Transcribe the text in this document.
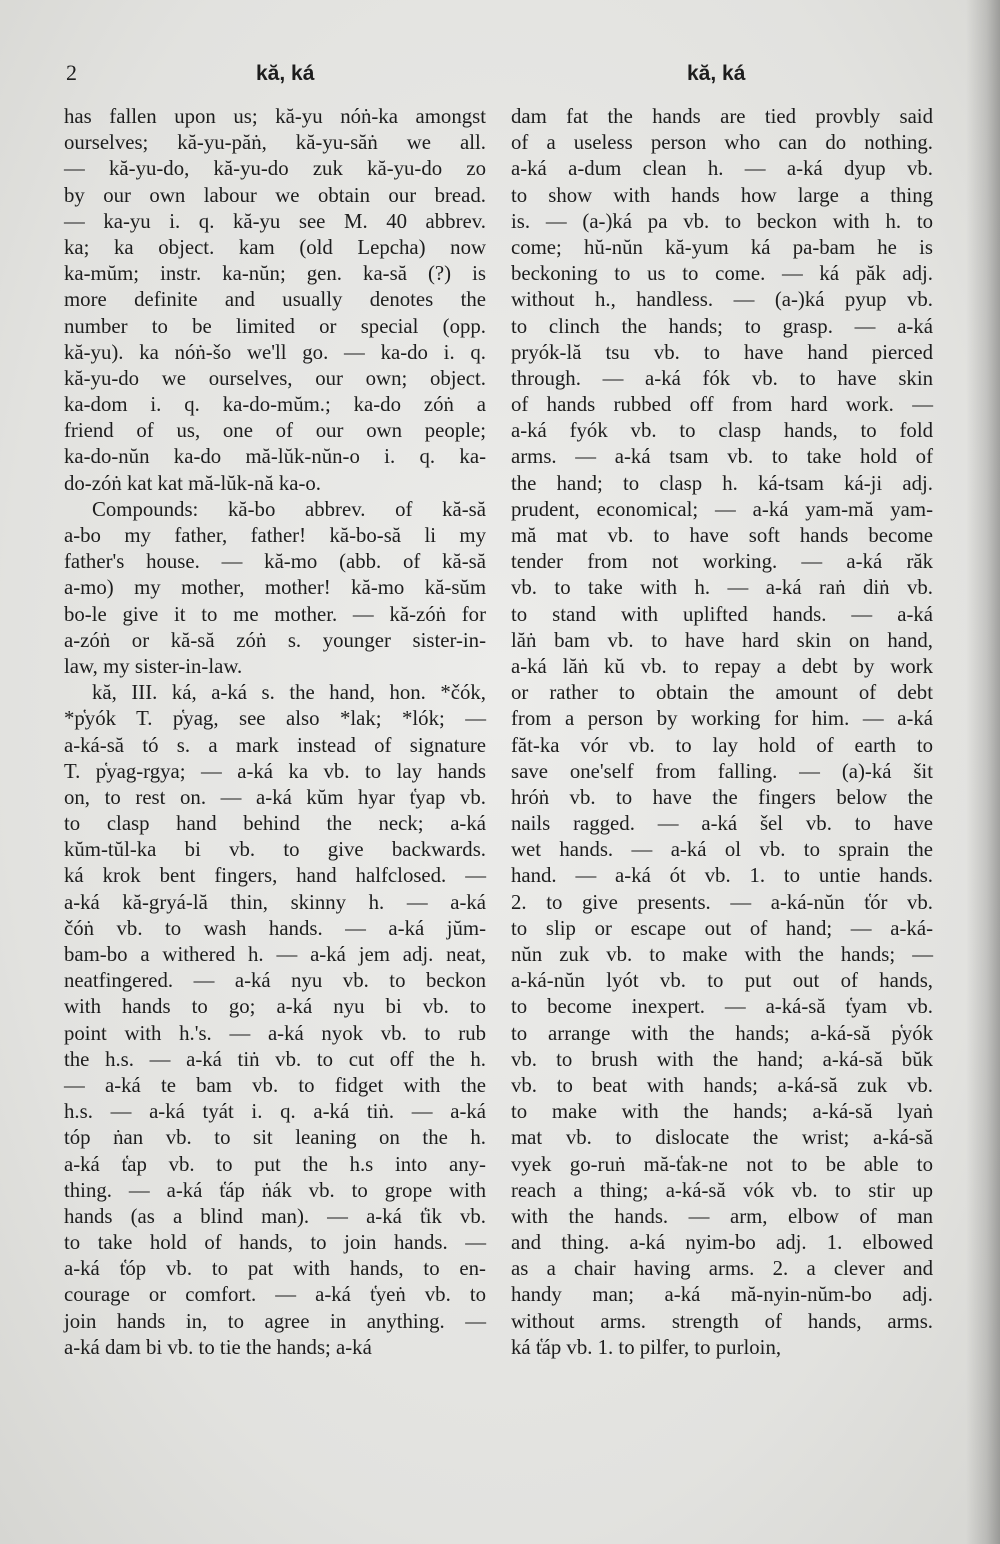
2	kă, ká	kă, ká
has fallen upon us; kă-yu nóṅ-ka amongst
ourselves; kă-yu-păṅ, kă-yu-săṅ we all.
— kă-yu-do, kă-yu-do zuk kă-yu-do zo
by our own labour we obtain our bread.
— ka-yu i. q. kă-yu see M. 40 abbrev.
ka; ka object. kam (old Lepcha) now
ka-mŭm; instr. ka-nŭn; gen. ka-să (?) is
more definite and usually denotes the
number to be limited or special (opp.
kă-yu). ka nóṅ-šo we'll go. — ka-do i. q.
kă-yu-do we ourselves, our own; object.
ka-dom i. q. ka-do-mŭm.; ka-do zóṅ a
friend of us, one of our own people;
ka-do-nŭn ka-do mă-lŭk-nŭn-o i. q. ka-
do-zóṅ kat kat mă-lŭk-nă ka-o.
Compounds: kă-bo abbrev. of kă-să
a-bo my father, father! kă-bo-să li my
father's house. — kă-mo (abb. of kă-să
a-mo) my mother, mother! kă-mo kă-sŭm
bo-le give it to me mother. — kă-zóṅ for
a-zóṅ or kă-să zóṅ s. younger sister-in-
law, my sister-in-law.
kă, III. ká, a-ká s. the hand, hon. *čók,
*p̔yók T. p̔yag, see also *lak; *lók; —
a-ká-să tó s. a mark instead of signature
T. p̔yag-rgya; — a-ká ka vb. to lay hands
on, to rest on. — a-ká kŭm hyar t̔yap vb.
to clasp hand behind the neck; a-ká
kŭm-tŭl-ka bi vb. to give backwards.
ká krok bent fingers, hand halfclosed. —
a-ká kă-gryá-lă thin, skinny h. — a-ká
čóṅ vb. to wash hands. — a-ká jŭm-
bam-bo a withered h. — a-ká jem adj. neat,
neatfingered. — a-ká nyu vb. to beckon
with hands to go; a-ká nyu bi vb. to
point with h.'s. — a-ká nyok vb. to rub
the h.s. — a-ká tiṅ vb. to cut off the h.
— a-ká te bam vb. to fidget with the
h.s. — a-ká tyát i. q. a-ká tiṅ. — a-ká
tóp ṅan vb. to sit leaning on the h.
a-ká t̔ap vb. to put the h.s into any-
thing. — a-ká t̔áp ṅák vb. to grope with
hands (as a blind man). — a-ká t̔ik vb.
to take hold of hands, to join hands. —
a-ká t̔óp vb. to pat with hands, to en-
courage or comfort. — a-ká t̔yeṅ vb. to
join hands in, to agree in anything. —
a-ká dam bi vb. to tie the hands; a-ká
dam fat the hands are tied provbly said
of a useless person who can do nothing.
a-ká a-dum clean h. — a-ká dyup vb.
to show with hands how large a thing
is. — (a-)ká pa vb. to beckon with h. to
come; hŭ-nŭn kă-yum ká pa-bam he is
beckoning to us to come. — ká păk adj.
without h., handless. — (a-)ká pyup vb.
to clinch the hands; to grasp. — a-ká
pryók-lă tsu vb. to have hand pierced
through. — a-ká fók vb. to have skin
of hands rubbed off from hard work. —
a-ká fyók vb. to clasp hands, to fold
arms. — a-ká tsam vb. to take hold of
the hand; to clasp h. ká-tsam ká-ji adj.
prudent, economical; — a-ká yam-mă yam-
mă mat vb. to have soft hands become
tender from not working. — a-ká răk
vb. to take with h. — a-ká raṅ diṅ vb.
to stand with uplifted hands. — a-ká
lăṅ bam vb. to have hard skin on hand,
a-ká lăṅ kŭ vb. to repay a debt by work
or rather to obtain the amount of debt
from a person by working for him. — a-ká
făt-ka vór vb. to lay hold of earth to
save one'self from falling. — (a)-ká šit
hróṅ vb. to have the fingers below the
nails ragged. — a-ká šel vb. to have
wet hands. — a-ká ol vb. to sprain the
hand. — a-ká ót vb. 1. to untie hands.
2. to give presents. — a-ká-nŭn t̔ór vb.
to slip or escape out of hand; — a-ká-
nŭn zuk vb. to make with the hands; —
a-ká-nŭn lyót vb. to put out of hands,
to become inexpert. — a-ká-să t̔yam vb.
to arrange with the hands; a-ká-să p̔yók
vb. to brush with the hand; a-ká-să bŭk
vb. to beat with hands; a-ká-să zuk vb.
to make with the hands; a-ká-să lyaṅ
mat vb. to dislocate the wrist; a-ká-să
vyek go-ruṅ mă-t̔ak-ne not to be able to
reach a thing; a-ká-să vók vb. to stir up
with the hands. — arm, elbow of man
and thing. a-ká nyim-bo adj. 1. elbowed
as a chair having arms. 2. a clever and
handy man; a-ká mă-nyin-nŭm-bo adj.
without arms. strength of hands, arms.
ká t̔áp vb. 1. to pilfer, to purloin,
